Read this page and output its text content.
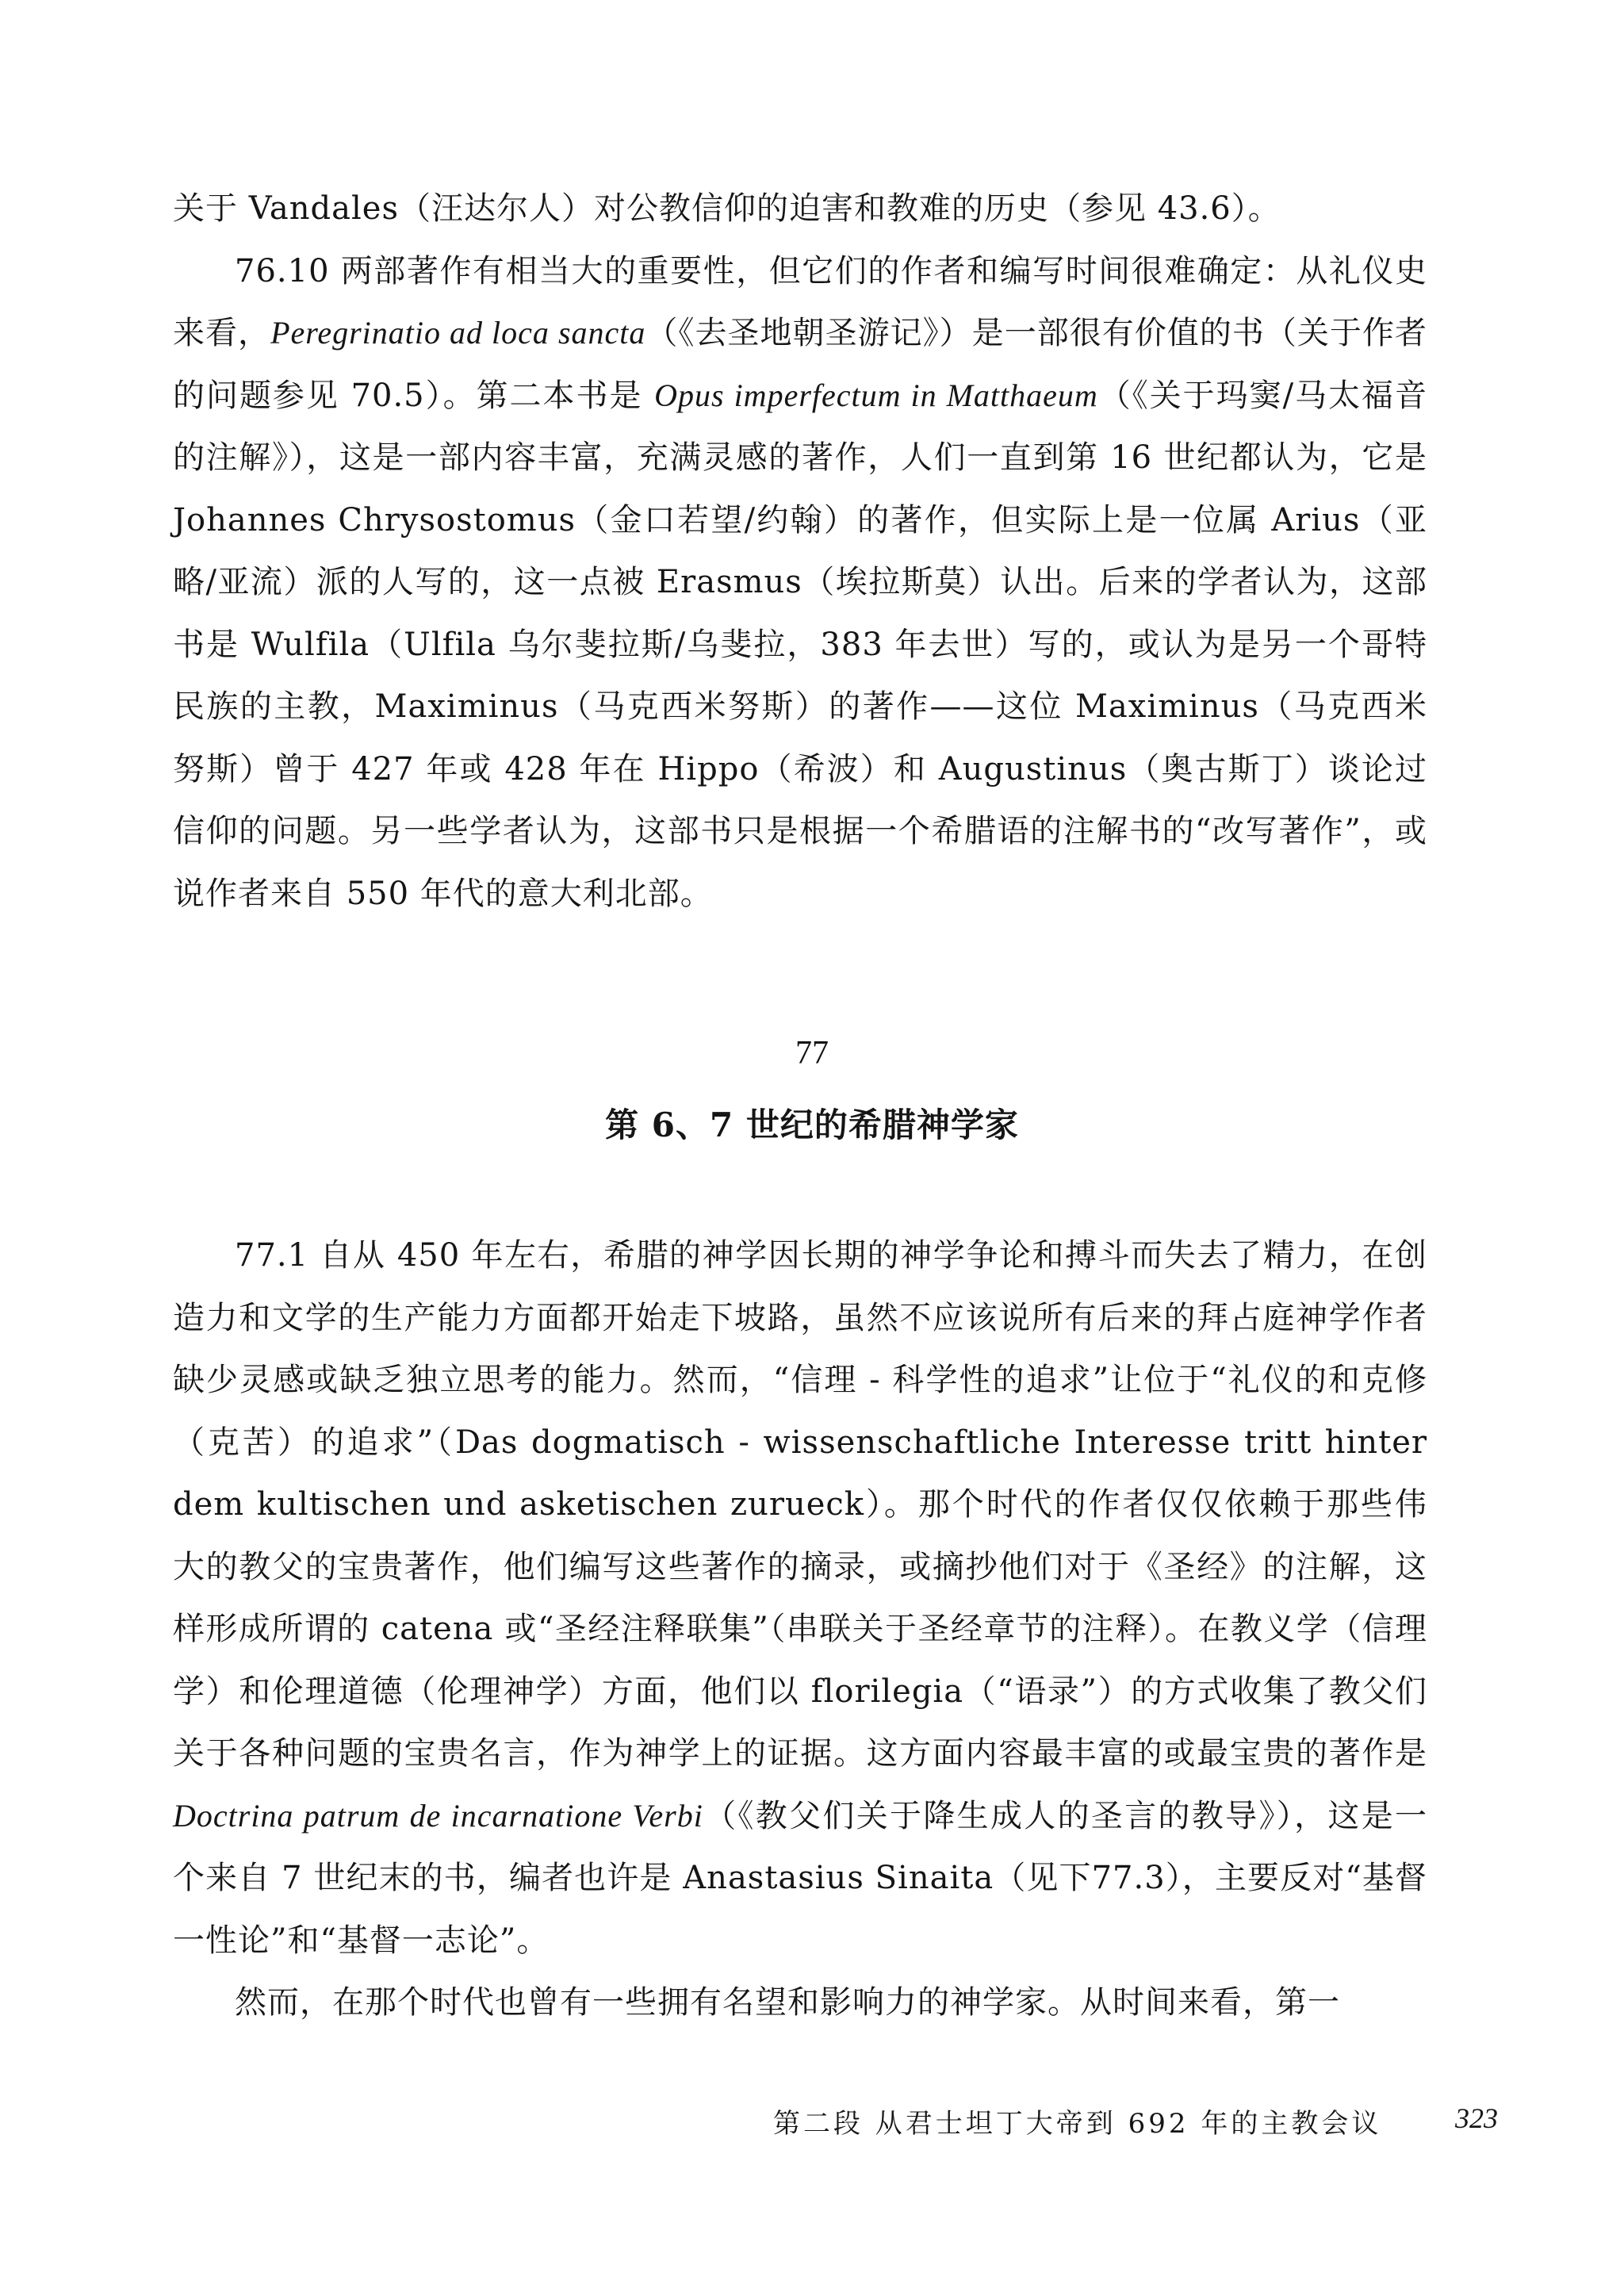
关于 Vandales（汪达尔人）对公教信仰的迫害和教难的历史（参见 43.6）。

76.10 两部著作有相当大的重要性，但它们的作者和编写时间很难确定：从礼仪史来看，Peregrinatio ad loca sancta（《去圣地朝圣游记》）是一部很有价值的书（关于作者的问题参见 70.5）。第二本书是 Opus imperfectum in Matthaeum（《关于玛窦/马太福音的注解》），这是一部内容丰富，充满灵感的著作，人们一直到第 16 世纪都认为，它是 Johannes Chrysostomus（金口若望/约翰）的著作，但实际上是一位属 Arius（亚略/亚流）派的人写的，这一点被 Erasmus（埃拉斯莫）认出。后来的学者认为，这部书是 Wulfila（Ulfila 乌尔斐拉斯/乌斐拉，383 年去世）写的，或认为是另一个哥特民族的主教，Maximinus（马克西米努斯）的著作——这位 Maximinus（马克西米努斯）曾于 427 年或 428 年在 Hippo（希波）和 Augustinus（奥古斯丁）谈论过信仰的问题。另一些学者认为，这部书只是根据一个希腊语的注解书的“改写著作”，或说作者来自 550 年代的意大利北部。

77

第 6、7 世纪的希腊神学家

77.1 自从 450 年左右，希腊的神学因长期的神学争论和搏斗而失去了精力，在创造力和文学的生产能力方面都开始走下坡路，虽然不应该说所有后来的拜占庭神学作者缺少灵感或缺乏独立思考的能力。然而，“信理 - 科学性的追求”让位于“礼仪的和克修（克苦）的追求”（Das dogmatisch - wissenschaftliche Interesse tritt hinter dem kultischen und asketischen zurueck）。那个时代的作者仅仅依赖于那些伟大的教父的宝贵著作，他们编写这些著作的摘录，或摘抄他们对于《圣经》的注解，这样形成所谓的 catena 或“圣经注释联集”（串联关于圣经章节的注释）。在教义学（信理学）和伦理道德（伦理神学）方面，他们以 florilegia（“语录”）的方式收集了教父们关于各种问题的宝贵名言，作为神学上的证据。这方面内容最丰富的或最宝贵的著作是 Doctrina patrum de incarnatione Verbi（《教父们关于降生成人的圣言的教导》），这是一个来自 7 世纪末的书，编者也许是 Anastasius Sinaita（见下77.3），主要反对“基督一性论”和“基督一志论”。

然而，在那个时代也曾有一些拥有名望和影响力的神学家。从时间来看，第一

第二段 从君士坦丁大帝到 692 年的主教会议	323
